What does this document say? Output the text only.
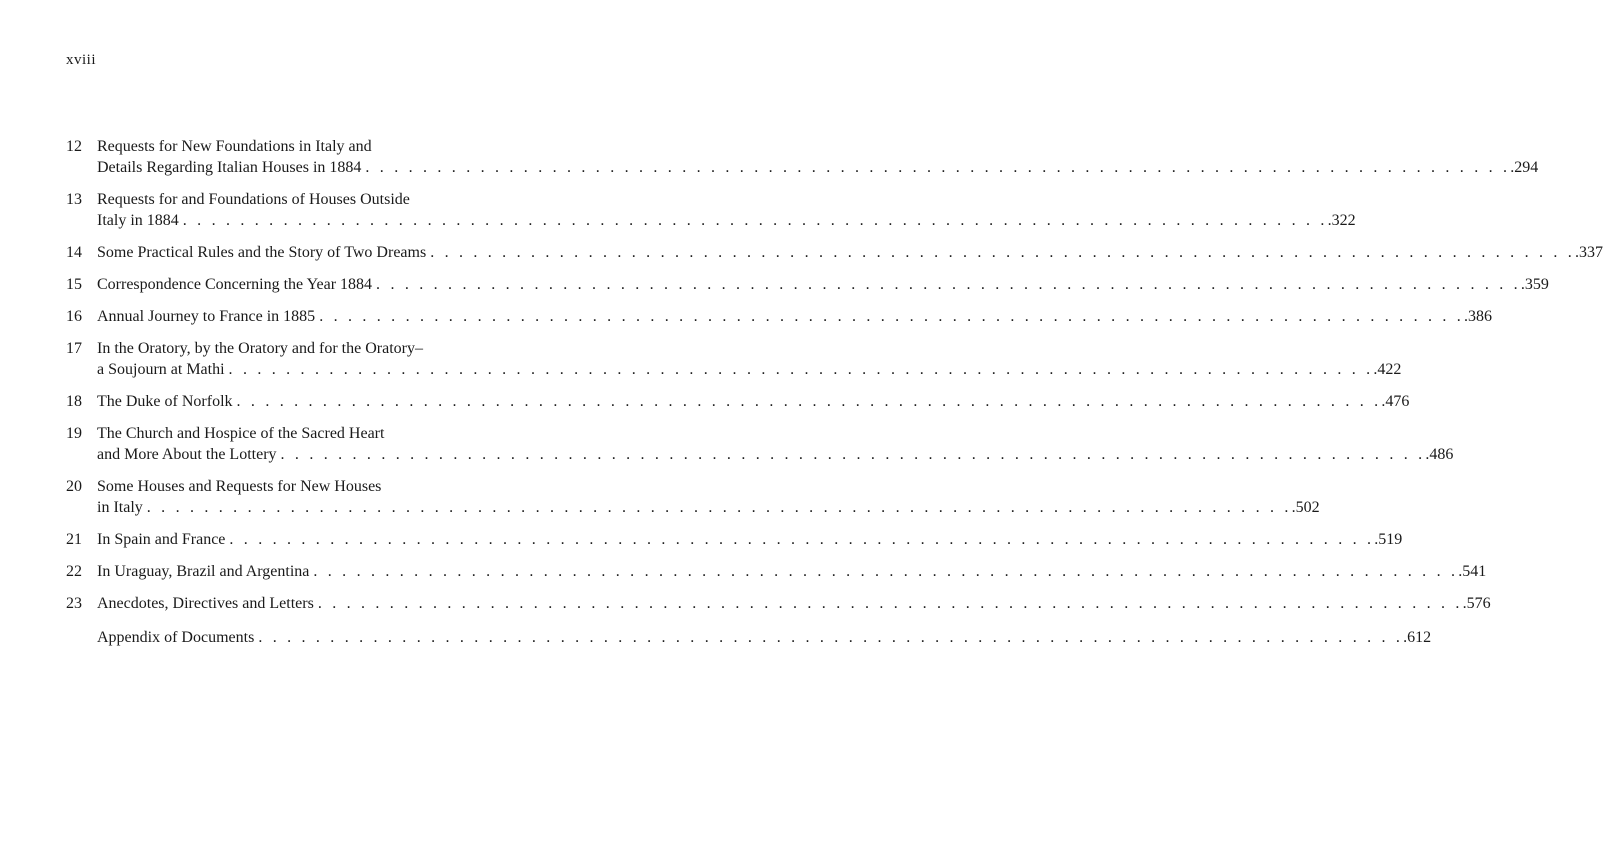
xviii
12 Requests for New Foundations in Italy and
Details Regarding Italian Houses in 1884 . . . . . . . . . . . . . . . . . . . . . . . . . . . . . . . . . . . . . . . . . . . . . . . . . . . . . . . . . . . . . . . . . . . . . . . . . . . . . . . . .294
13 Requests for and Foundations of Houses Outside
Italy in 1884 . . . . . . . . . . . . . . . . . . . . . . . . . . . . . . . . . . . . . . . . . . . . . . . . . . . . . . . . . . . . . . . . . . . . . . . . . . . . . . . . .322
14 Some Practical Rules and the Story of Two Dreams . . . . . . . . . . . . . . . . . . . . . . . . . . . . . . . . . . . . . . . . . . . . . . . . . . . . . . . . . . . . . . . . . . . . . . . . . . . . . . . . .337
15 Correspondence Concerning the Year 1884 . . . . . . . . . . . . . . . . . . . . . . . . . . . . . . . . . . . . . . . . . . . . . . . . . . . . . . . . . . . . . . . . . . . . . . . . . . . . . . . . .359
16 Annual Journey to France in 1885 . . . . . . . . . . . . . . . . . . . . . . . . . . . . . . . . . . . . . . . . . . . . . . . . . . . . . . . . . . . . . . . . . . . . . . . . . . . . . . . . .386
17 In the Oratory, by the Oratory and for the Oratory–
a Soujourn at Mathi . . . . . . . . . . . . . . . . . . . . . . . . . . . . . . . . . . . . . . . . . . . . . . . . . . . . . . . . . . . . . . . . . . . . . . . . . . . . . . . . .422
18 The Duke of Norfolk . . . . . . . . . . . . . . . . . . . . . . . . . . . . . . . . . . . . . . . . . . . . . . . . . . . . . . . . . . . . . . . . . . . . . . . . . . . . . . . . .476
19 The Church and Hospice of the Sacred Heart
and More About the Lottery . . . . . . . . . . . . . . . . . . . . . . . . . . . . . . . . . . . . . . . . . . . . . . . . . . . . . . . . . . . . . . . . . . . . . . . . . . . . . . . . .486
20 Some Houses and Requests for New Houses
in Italy . . . . . . . . . . . . . . . . . . . . . . . . . . . . . . . . . . . . . . . . . . . . . . . . . . . . . . . . . . . . . . . . . . . . . . . . . . . . . . . . .502
21 In Spain and France . . . . . . . . . . . . . . . . . . . . . . . . . . . . . . . . . . . . . . . . . . . . . . . . . . . . . . . . . . . . . . . . . . . . . . . . . . . . . . . . .519
22 In Uraguay, Brazil and Argentina . . . . . . . . . . . . . . . . . . . . . . . . . . . . . . . . . . . . . . . . . . . . . . . . . . . . . . . . . . . . . . . . . . . . . . . . . . . . . . . . .541
23 Anecdotes, Directives and Letters . . . . . . . . . . . . . . . . . . . . . . . . . . . . . . . . . . . . . . . . . . . . . . . . . . . . . . . . . . . . . . . . . . . . . . . . . . . . . . . . .576
Appendix of Documents . . . . . . . . . . . . . . . . . . . . . . . . . . . . . . . . . . . . . . . . . . . . . . . . . . . . . . . . . . . . . . . . . . . . . . . . . . . . . . . . .612
